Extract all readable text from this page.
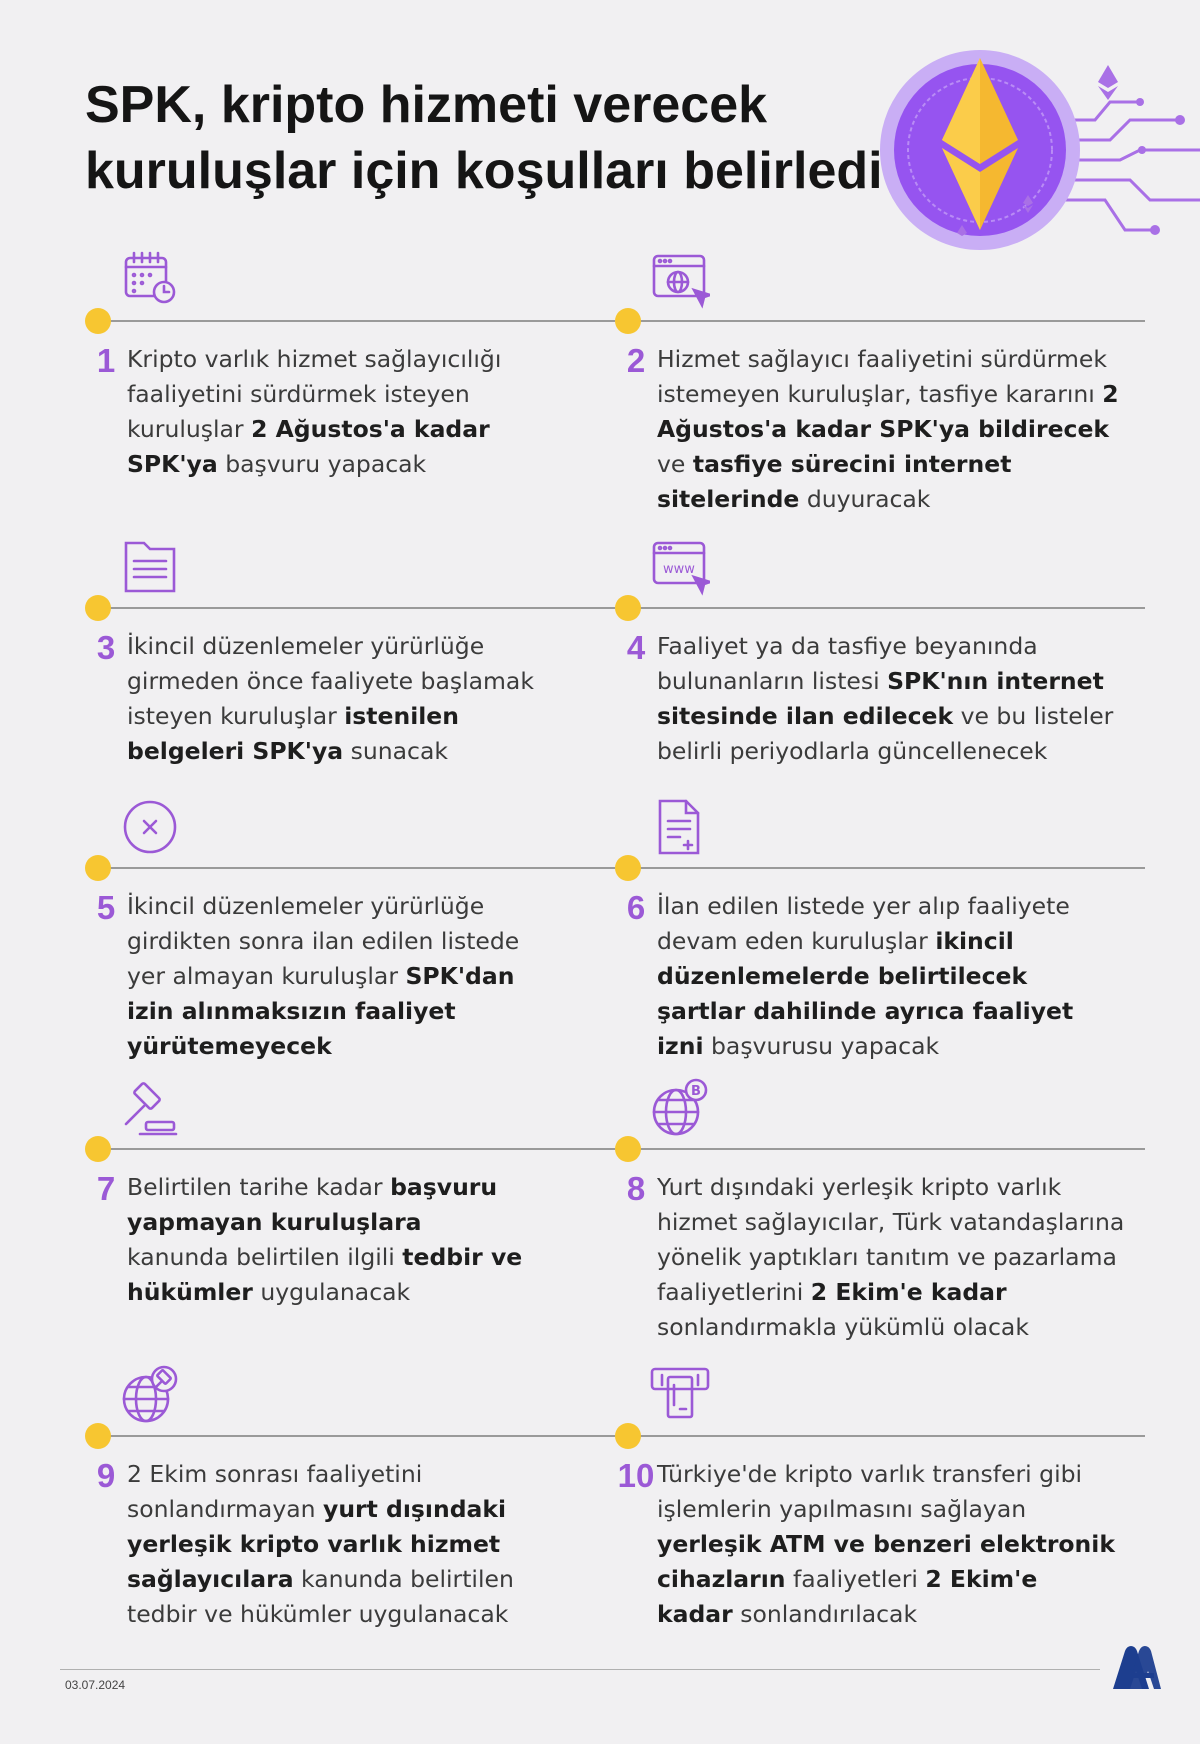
SPK, kripto hizmeti verecek
kuruluşlar için koşulları belirledi
1 Kripto varlık hizmet sağlayıcılığı faaliyetini sürdürmek isteyen kuruluşlar 2 Ağustos'a kadar SPK'ya başvuru yapacak
2 Hizmet sağlayıcı faaliyetini sürdürmek istemeyen kuruluşlar, tasfiye kararını 2 Ağustos'a kadar SPK'ya bildirecek ve tasfiye sürecini internet sitelerinde duyuracak
3 İkincil düzenlemeler yürürlüğe girmeden önce faaliyete başlamak isteyen kuruluşlar istenilen belgeleri SPK'ya sunacak
www
4 Faaliyet ya da tasfiye beyanında bulunanların listesi SPK'nın internet sitesinde ilan edilecek ve bu listeler belirli periyodlarla güncellenecek
5 İkincil düzenlemeler yürürlüğe girdikten sonra ilan edilen listede yer almayan kuruluşlar SPK'dan izin alınmaksızın faaliyet yürütemeyecek
6 İlan edilen listede yer alıp faaliyete devam eden kuruluşlar ikincil düzenlemelerde belirtilecek şartlar dahilinde ayrıca faaliyet izni başvurusu yapacak
7 Belirtilen tarihe kadar başvuru yapmayan kuruluşlara kanunda belirtilen ilgili tedbir ve hükümler uygulanacak
B
8 Yurt dışındaki yerleşik kripto varlık hizmet sağlayıcılar, Türk vatandaşlarına yönelik yaptıkları tanıtım ve pazarlama faaliyetlerini 2 Ekim'e kadar sonlandırmakla yükümlü olacak
9 2 Ekim sonrası faaliyetini sonlandırmayan yurt dışındaki yerleşik kripto varlık hizmet sağlayıcılara kanunda belirtilen tedbir ve hükümler uygulanacak
10 Türkiye'de kripto varlık transferi gibi işlemlerin yapılmasını sağlayan yerleşik ATM ve benzeri elektronik cihazların faaliyetleri 2 Ekim'e kadar sonlandırılacak
03.07.2024
